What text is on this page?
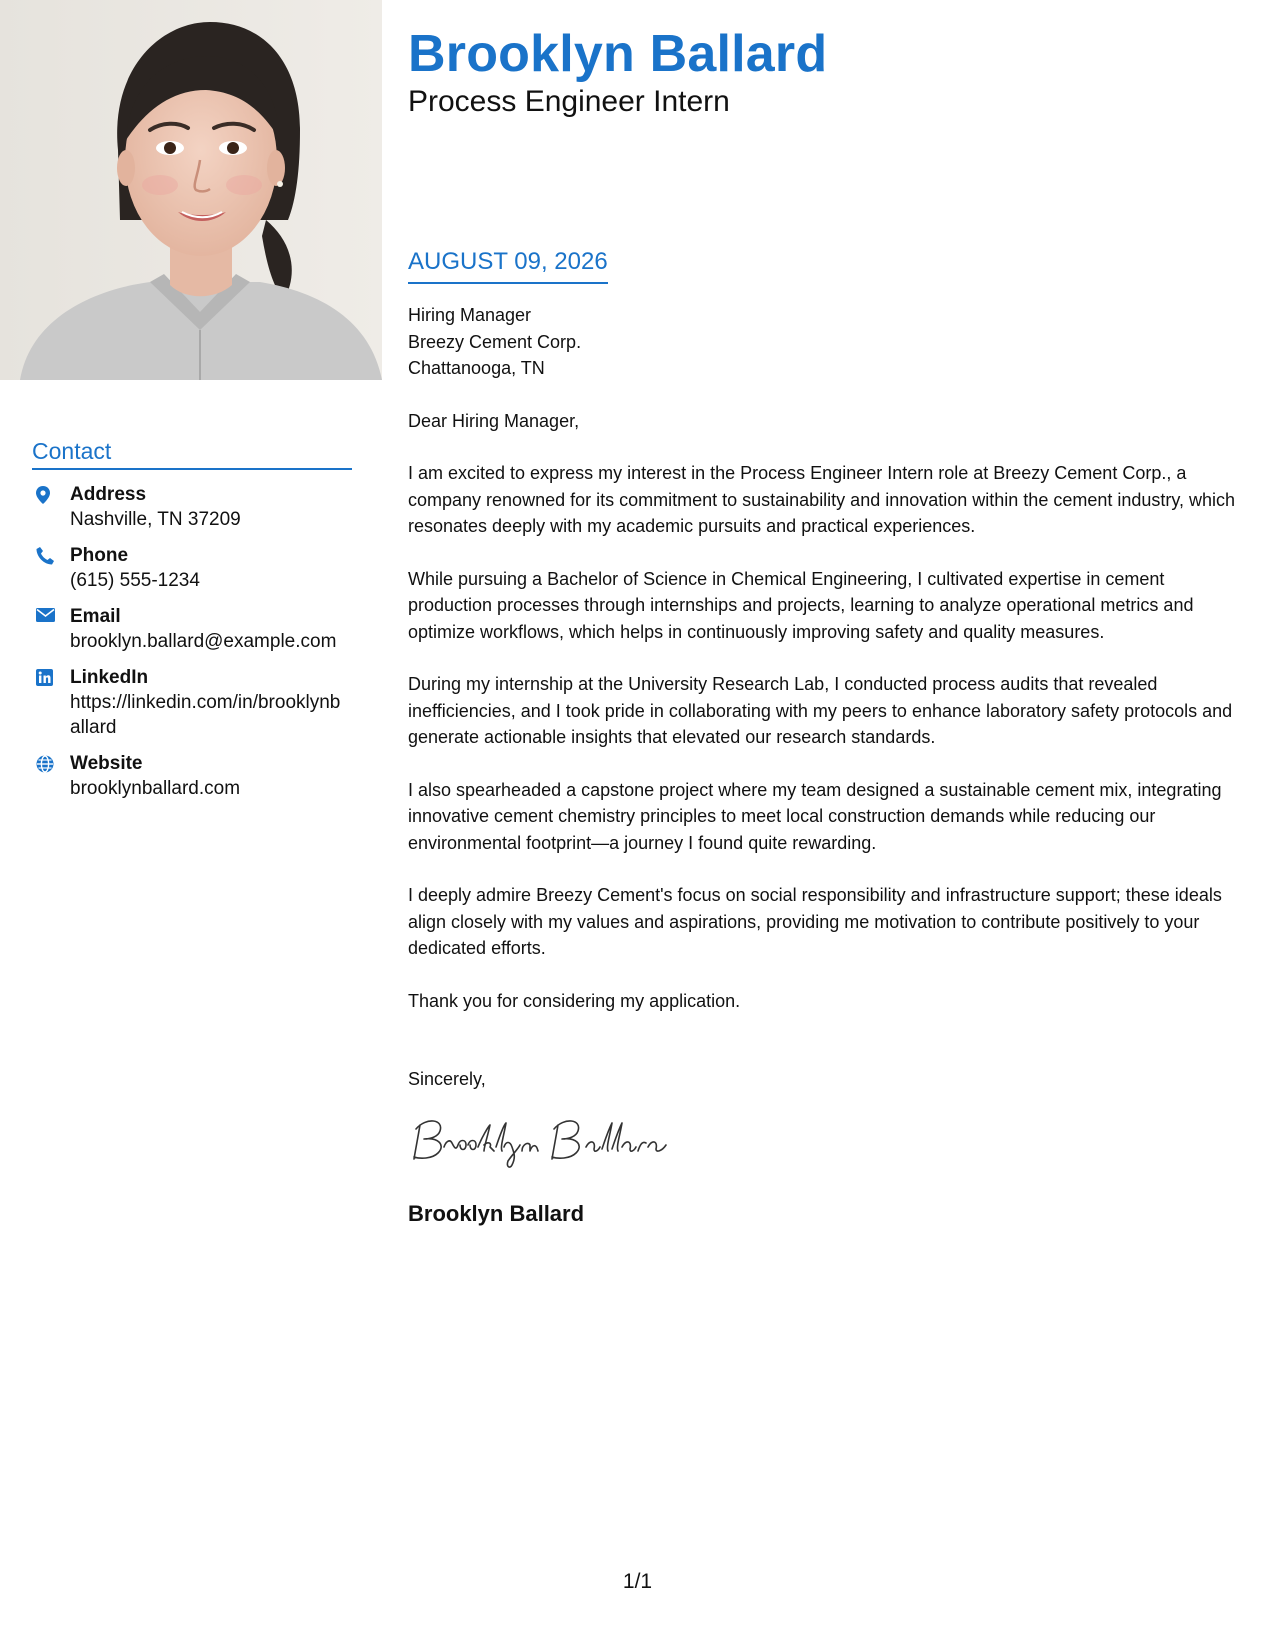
Brooklyn Ballard
Process Engineer Intern
Contact
Address
Nashville, TN 37209
Phone
(615) 555-1234
Email
brooklyn.ballard@example.com
LinkedIn
https://linkedin.com/in/brooklynballard
Website
brooklynballard.com
AUGUST 09, 2026
Hiring Manager
Breezy Cement Corp.
Chattanooga, TN
Dear Hiring Manager,
I am excited to express my interest in the Process Engineer Intern role at Breezy Cement Corp., a company renowned for its commitment to sustainability and innovation within the cement industry, which resonates deeply with my academic pursuits and practical experiences.
While pursuing a Bachelor of Science in Chemical Engineering, I cultivated expertise in cement production processes through internships and projects, learning to analyze operational metrics and optimize workflows, which helps in continuously improving safety and quality measures.
During my internship at the University Research Lab, I conducted process audits that revealed inefficiencies, and I took pride in collaborating with my peers to enhance laboratory safety protocols and generate actionable insights that elevated our research standards.
I also spearheaded a capstone project where my team designed a sustainable cement mix, integrating innovative cement chemistry principles to meet local construction demands while reducing our environmental footprint—a journey I found quite rewarding.
I deeply admire Breezy Cement's focus on social responsibility and infrastructure support; these ideals align closely with my values and aspirations, providing me motivation to contribute positively to your dedicated efforts.
Thank you for considering my application.
Sincerely,
Brooklyn Ballard
1/1
